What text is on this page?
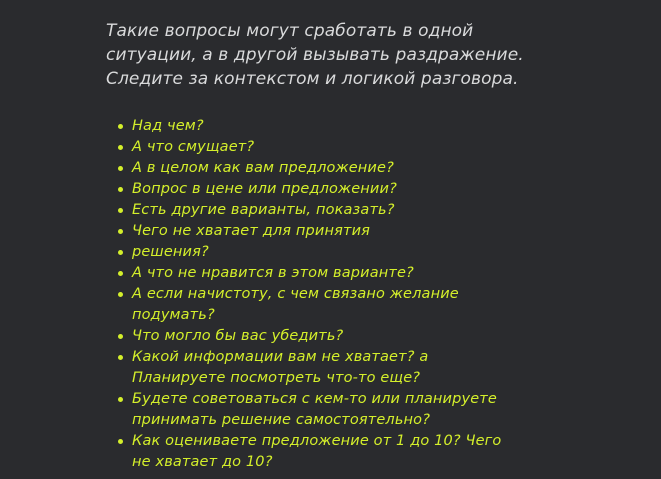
Такие вопросы могут сработать в одной
ситуации, а в другой вызывать раздражение.
Следите за контекстом и логикой разговора.

Над чем?
А что смущает?
А в целом как вам предложение?
Вопрос в цене или предложении?
Есть другие варианты, показать?
Чего не хватает для принятия
решения?
А что не нравится в этом варианте?
А если начистоту, с чем связано желание
подумать?
Что могло бы вас убедить?
Какой информации вам не хватает? а
Планируете посмотреть что-то еще?
Будете советоваться с кем-то или планируете
принимать решение самостоятельно?
Как оцениваете предложение от 1 до 10? Чего
не хватает до 10?
